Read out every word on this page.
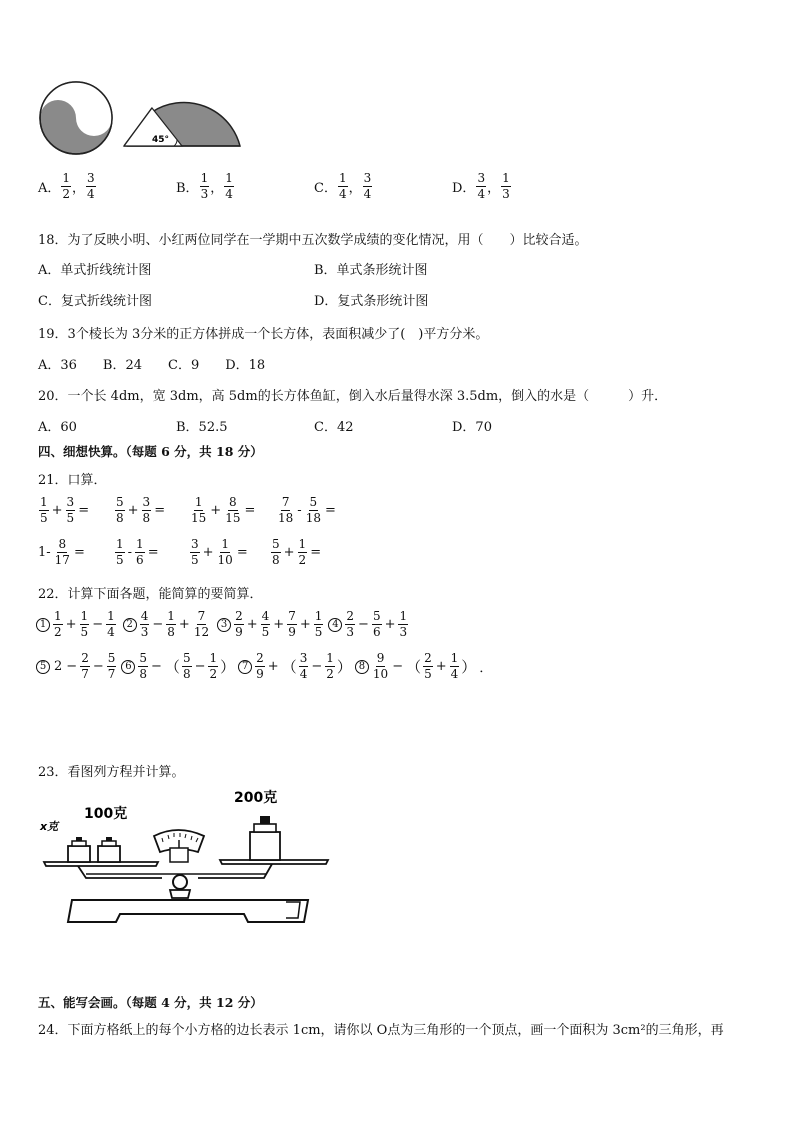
45°
A． $\frac{1}{2}$ ， $\frac{3}{4}$	B． $\frac{1}{3}$ ， $\frac{1}{4}$	C． $\frac{1}{4}$ ， $\frac{3}{4}$	D． $\frac{3}{4}$ ， $\frac{1}{3}$
18．为了反映小明、小红两位同学在一学期中五次数学成绩的变化情况，用（　　）比较合适。
A．单式折线统计图	B．单式条形统计图
C．复式折线统计图	D．复式条形统计图
19．3个棱长为 3分米的正方体拼成一个长方体，表面积减少了(　)平方分米。
A．36　　B．24　　C．9　　D．18
20．一个长 4dm，宽 3dm，高 5dm的长方体鱼缸，倒入水后量得水深 3.5dm，倒入的水是（　　　）升．
A．60	B．52.5	C．42	D．70
四、细想快算。（每题 6 分，共 18 分）
21．口算．
$\frac{1}{5} + \frac{3}{5} = \frac{5}{8} + \frac{3}{8} = \frac{1}{15} + \frac{8}{15} = \frac{7}{18} - \frac{5}{18}$ =
$1- \frac{8}{17}$ =	$\frac{1}{5} - \frac{1}{6}$ =	$\frac{3}{5} + \frac{1}{10} = \frac{5}{8} + \frac{1}{2}$ =
22．计算下面各题，能简算的要简算．
$1 \frac{1}{2} + \frac{1}{5} - \frac{1}{4}$	$2 \frac{4}{3} - \frac{1}{8} + \frac{7}{12}$	$3 \frac{2}{9} + \frac{4}{5} + \frac{7}{9} + \frac{1}{5} 4 \frac{2}{3} - \frac{5}{6} + \frac{1}{3}$
5 $2 - \frac{2}{7} - \frac{5}{7} 6 \frac{5}{8}$ − （ $\frac{5}{8} - \frac{1}{2}$ ） $7 \frac{2}{9}$ + （ $\frac{3}{4} - \frac{1}{2}$ ） $8 \frac{9}{10}$ − （ $\frac{2}{5} + \frac{1}{4}$ ） ．
23．看图列方程并计算。
200克
100克
x克
五、能写会画。（每题 4 分，共 12 分）
24．下面方格纸上的每个小方格的边长表示 1cm，请你以 O点为三角形的一个顶点，画一个面积为 3cm²的三角形，再
